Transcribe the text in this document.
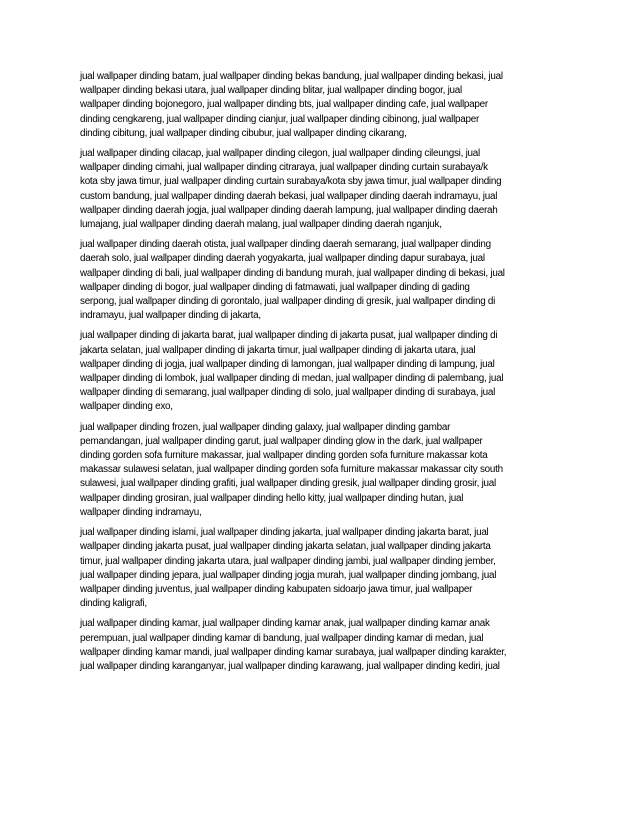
jual wallpaper dinding batam, jual wallpaper dinding bekas bandung, jual wallpaper dinding bekasi, jual
wallpaper dinding bekasi utara, jual wallpaper dinding blitar, jual wallpaper dinding bogor, jual
wallpaper dinding bojonegoro, jual wallpaper dinding bts, jual wallpaper dinding cafe, jual wallpaper
dinding cengkareng, jual wallpaper dinding cianjur, jual wallpaper dinding cibinong, jual wallpaper
dinding cibitung, jual wallpaper dinding cibubur, jual wallpaper dinding cikarang,

jual wallpaper dinding cilacap, jual wallpaper dinding cilegon, jual wallpaper dinding cileungsi, jual
wallpaper dinding cimahi, jual wallpaper dinding citraraya, jual wallpaper dinding curtain surabaya/k
kota sby jawa timur, jual wallpaper dinding curtain surabaya/kota sby jawa timur, jual wallpaper dinding
custom bandung, jual wallpaper dinding daerah bekasi, jual wallpaper dinding daerah indramayu, jual
wallpaper dinding daerah jogja, jual wallpaper dinding daerah lampung, jual wallpaper dinding daerah
lumajang, jual wallpaper dinding daerah malang, jual wallpaper dinding daerah nganjuk,

jual wallpaper dinding daerah otista, jual wallpaper dinding daerah semarang, jual wallpaper dinding
daerah solo, jual wallpaper dinding daerah yogyakarta, jual wallpaper dinding dapur surabaya, jual
wallpaper dinding di bali, jual wallpaper dinding di bandung murah, jual wallpaper dinding di bekasi, jual
wallpaper dinding di bogor, jual wallpaper dinding di fatmawati, jual wallpaper dinding di gading
serpong, jual wallpaper dinding di gorontalo, jual wallpaper dinding di gresik, jual wallpaper dinding di
indramayu, jual wallpaper dinding di jakarta,

jual wallpaper dinding di jakarta barat, jual wallpaper dinding di jakarta pusat, jual wallpaper dinding di
jakarta selatan, jual wallpaper dinding di jakarta timur, jual wallpaper dinding di jakarta utara, jual
wallpaper dinding di jogja, jual wallpaper dinding di lamongan, jual wallpaper dinding di lampung, jual
wallpaper dinding di lombok, jual wallpaper dinding di medan, jual wallpaper dinding di palembang, jual
wallpaper dinding di semarang, jual wallpaper dinding di solo, jual wallpaper dinding di surabaya, jual
wallpaper dinding exo,

jual wallpaper dinding frozen, jual wallpaper dinding galaxy, jual wallpaper dinding gambar
pemandangan, jual wallpaper dinding garut, jual wallpaper dinding glow in the dark, jual wallpaper
dinding gorden sofa furniture makassar, jual wallpaper dinding gorden sofa furniture makassar kota
makassar sulawesi selatan, jual wallpaper dinding gorden sofa furniture makassar makassar city south
sulawesi, jual wallpaper dinding grafiti, jual wallpaper dinding gresik, jual wallpaper dinding grosir, jual
wallpaper dinding grosiran, jual wallpaper dinding hello kitty, jual wallpaper dinding hutan, jual
wallpaper dinding indramayu,

jual wallpaper dinding islami, jual wallpaper dinding jakarta, jual wallpaper dinding jakarta barat, jual
wallpaper dinding jakarta pusat, jual wallpaper dinding jakarta selatan, jual wallpaper dinding jakarta
timur, jual wallpaper dinding jakarta utara, jual wallpaper dinding jambi, jual wallpaper dinding jember,
jual wallpaper dinding jepara, jual wallpaper dinding jogja murah, jual wallpaper dinding jombang, jual
wallpaper dinding juventus, jual wallpaper dinding kabupaten sidoarjo jawa timur, jual wallpaper
dinding kaligrafi,

jual wallpaper dinding kamar, jual wallpaper dinding kamar anak, jual wallpaper dinding kamar anak
perempuan, jual wallpaper dinding kamar di bandung, jual wallpaper dinding kamar di medan, jual
wallpaper dinding kamar mandi, jual wallpaper dinding kamar surabaya, jual wallpaper dinding karakter,
jual wallpaper dinding karanganyar, jual wallpaper dinding karawang, jual wallpaper dinding kediri, jual
